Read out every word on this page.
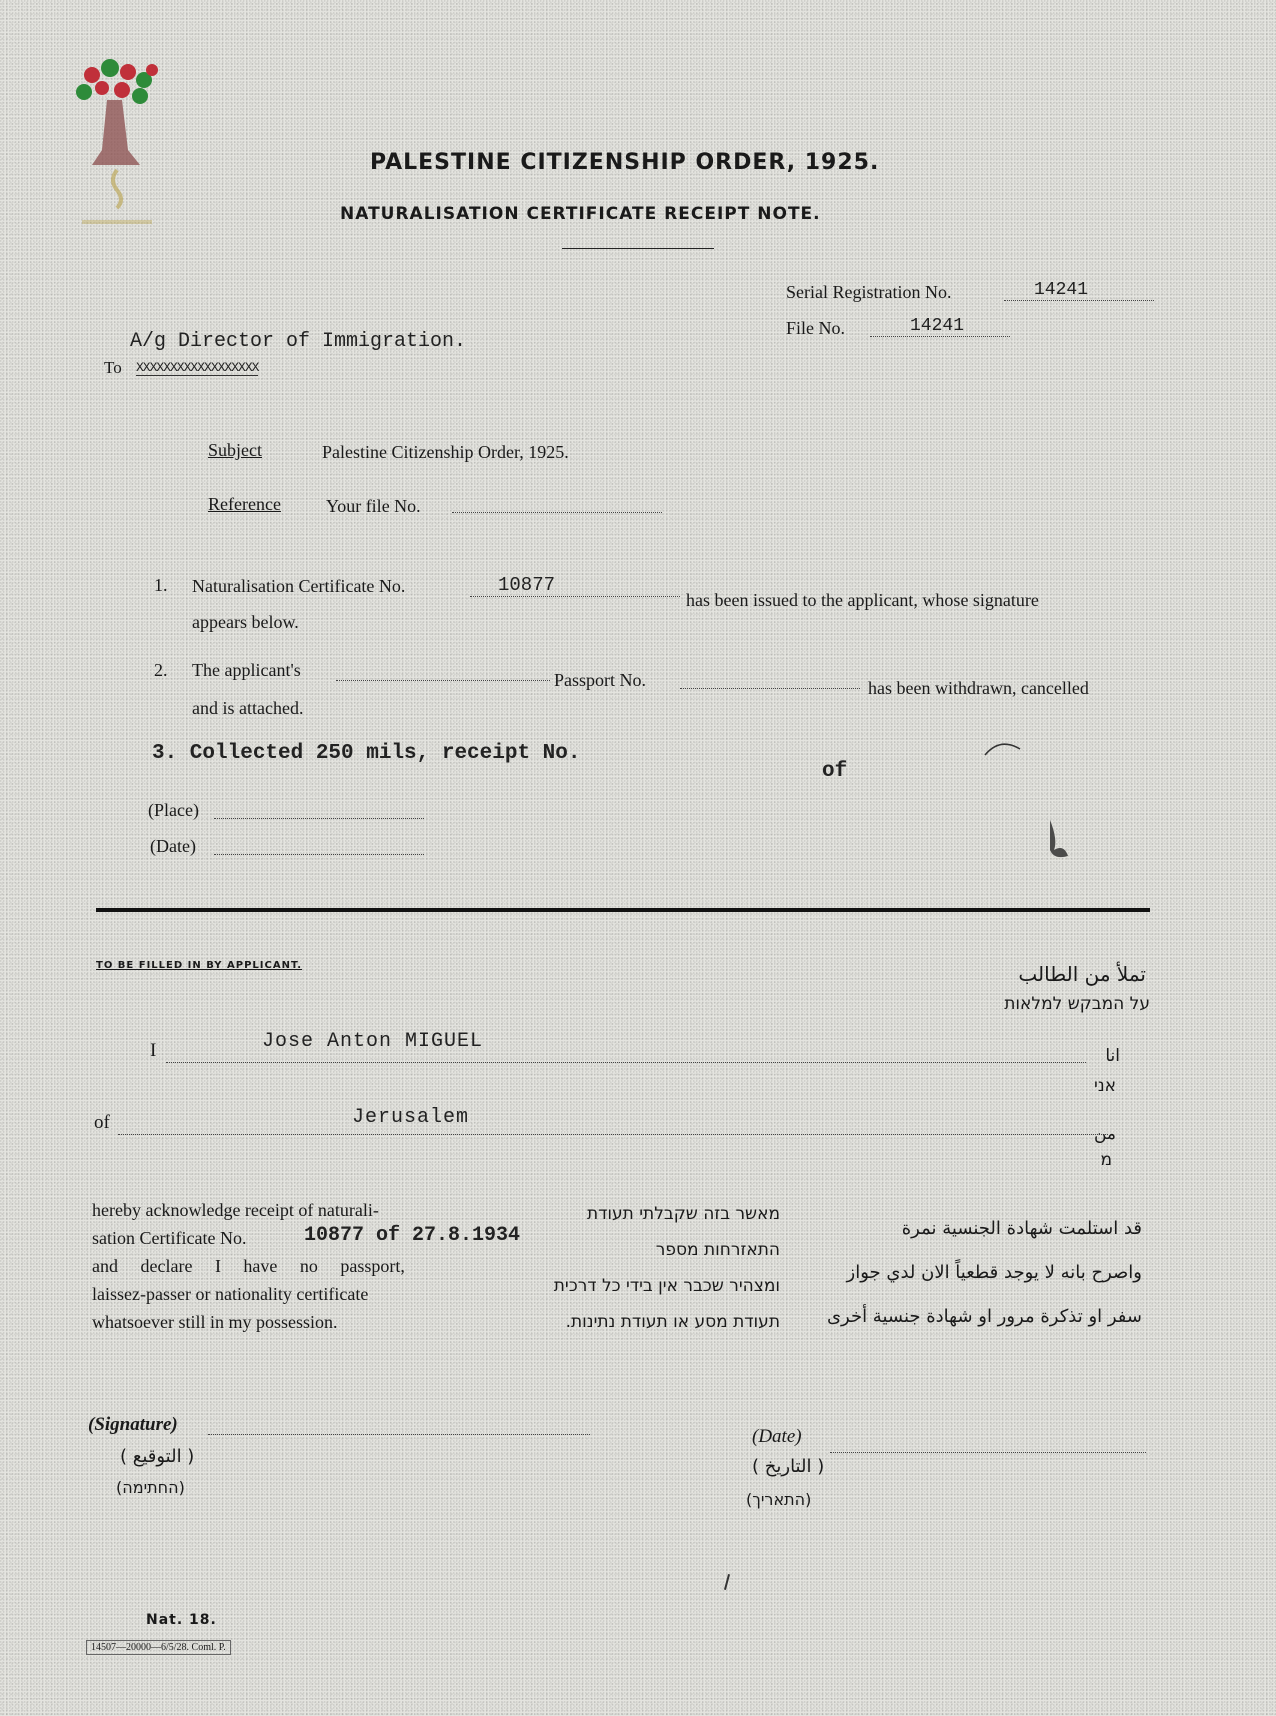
PALESTINE CITIZENSHIP ORDER, 1925.
NATURALISATION CERTIFICATE RECEIPT NOTE.
Serial Registration No.	14241
File No.	14241
A/g Director of Immigration.
To XXXXXXXXXXXXXXXXXX
Subject	Palestine Citizenship Order, 1925.
Reference	Your file No.
1. Naturalisation Certificate No.	10877
has been issued to the applicant, whose signature
appears below.
2. The applicant's	Passport No.	has been withdrawn, cancelled
and is attached.
3. Collected 250 mils, receipt No.
of
(Place)
(Date)
TO BE FILLED IN BY APPLICANT.	تملأ من الطالب
על המבקש למלאות
I	Jose Anton MIGUEL
انا
אני
of	Jerusalem
من
מ
hereby acknowledge receipt of naturali-
sation Certificate No.	10877 of 27.8.1934
and declare I have no passport,
laissez-passer or nationality certificate
whatsoever still in my possession.
מאשר בזה שקבלתי תעודת
התאזרחות מספר
ומצהיר שכבר אין בידי כל דרכית
תעודת מסע או תעודת נתינות.
قد استلمت شهادة الجنسية نمرة
واصرح بانه لا يوجد قطعياً الان لدي جواز
سفر او تذكرة مرور او شهادة جنسية أخرى
(Signature)
( التوقيع )
(החתימה)
(Date)
( التاريخ )
(התאריך)
Nat. 18.
14507—20000—6/5/28. Coml. P.
